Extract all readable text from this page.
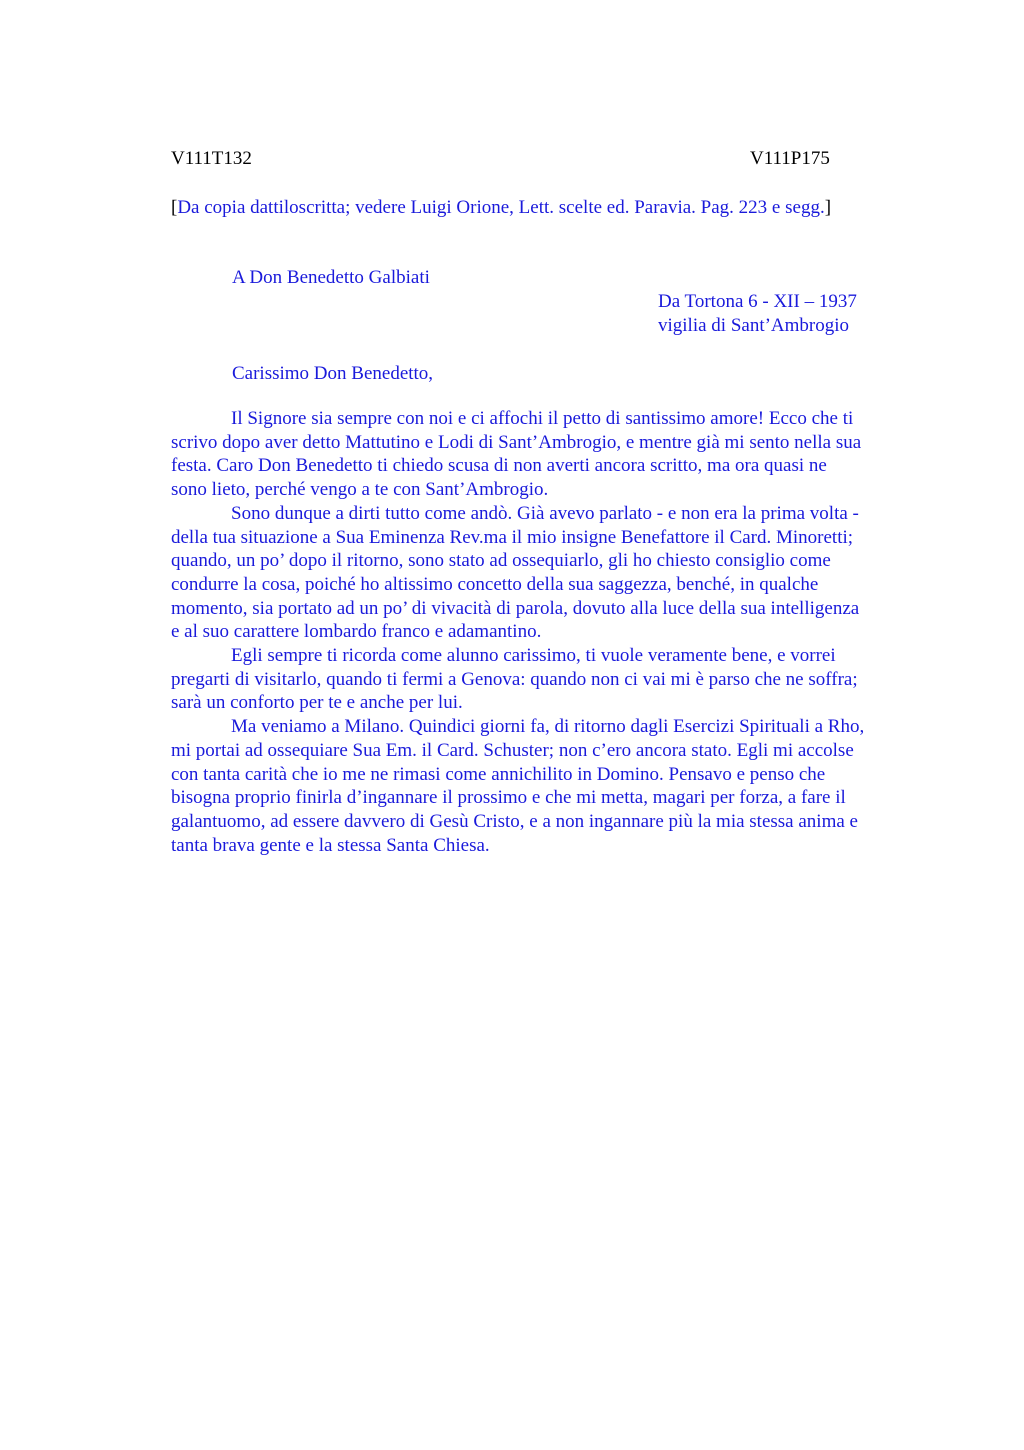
V111T132	V111P175
[Da copia dattiloscritta; vedere Luigi Orione, Lett. scelte ed. Paravia. Pag. 223 e segg.]
A Don Benedetto Galbiati
Da Tortona 6 - XII – 1937
vigilia di Sant’Ambrogio
Carissimo Don Benedetto,
Il Signore sia sempre con noi e ci affochi il petto di santissimo amore! Ecco che ti
scrivo dopo aver detto Mattutino e Lodi di Sant’Ambrogio, e mentre già mi sento nella sua
festa. Caro Don Benedetto ti chiedo scusa di non averti ancora scritto, ma ora quasi ne
sono lieto, perché vengo a te con Sant’Ambrogio.
Sono dunque a dirti tutto come andò. Già avevo parlato - e non era la prima volta -
della tua situazione a Sua Eminenza Rev.ma il mio insigne Benefattore il Card. Minoretti;
quando, un po’ dopo il ritorno, sono stato ad ossequiarlo, gli ho chiesto consiglio come
condurre la cosa, poiché ho altissimo concetto della sua saggezza, benché, in qualche
momento, sia portato ad un po’ di vivacità di parola, dovuto alla luce della sua intelligenza
e al suo carattere lombardo franco e adamantino.
Egli sempre ti ricorda come alunno carissimo, ti vuole veramente bene, e vorrei
pregarti di visitarlo, quando ti fermi a Genova: quando non ci vai mi è parso che ne soffra;
sarà un conforto per te e anche per lui.
Ma veniamo a Milano. Quindici giorni fa, di ritorno dagli Esercizi Spirituali a Rho,
mi portai ad ossequiare Sua Em. il Card. Schuster; non c’ero ancora stato. Egli mi accolse
con tanta carità che io me ne rimasi come annichilito in Domino. Pensavo e penso che
bisogna proprio finirla d’ingannare il prossimo e che mi metta, magari per forza, a fare il
galantuomo, ad essere davvero di Gesù Cristo, e a non ingannare più la mia stessa anima e
tanta brava gente e la stessa Santa Chiesa.
